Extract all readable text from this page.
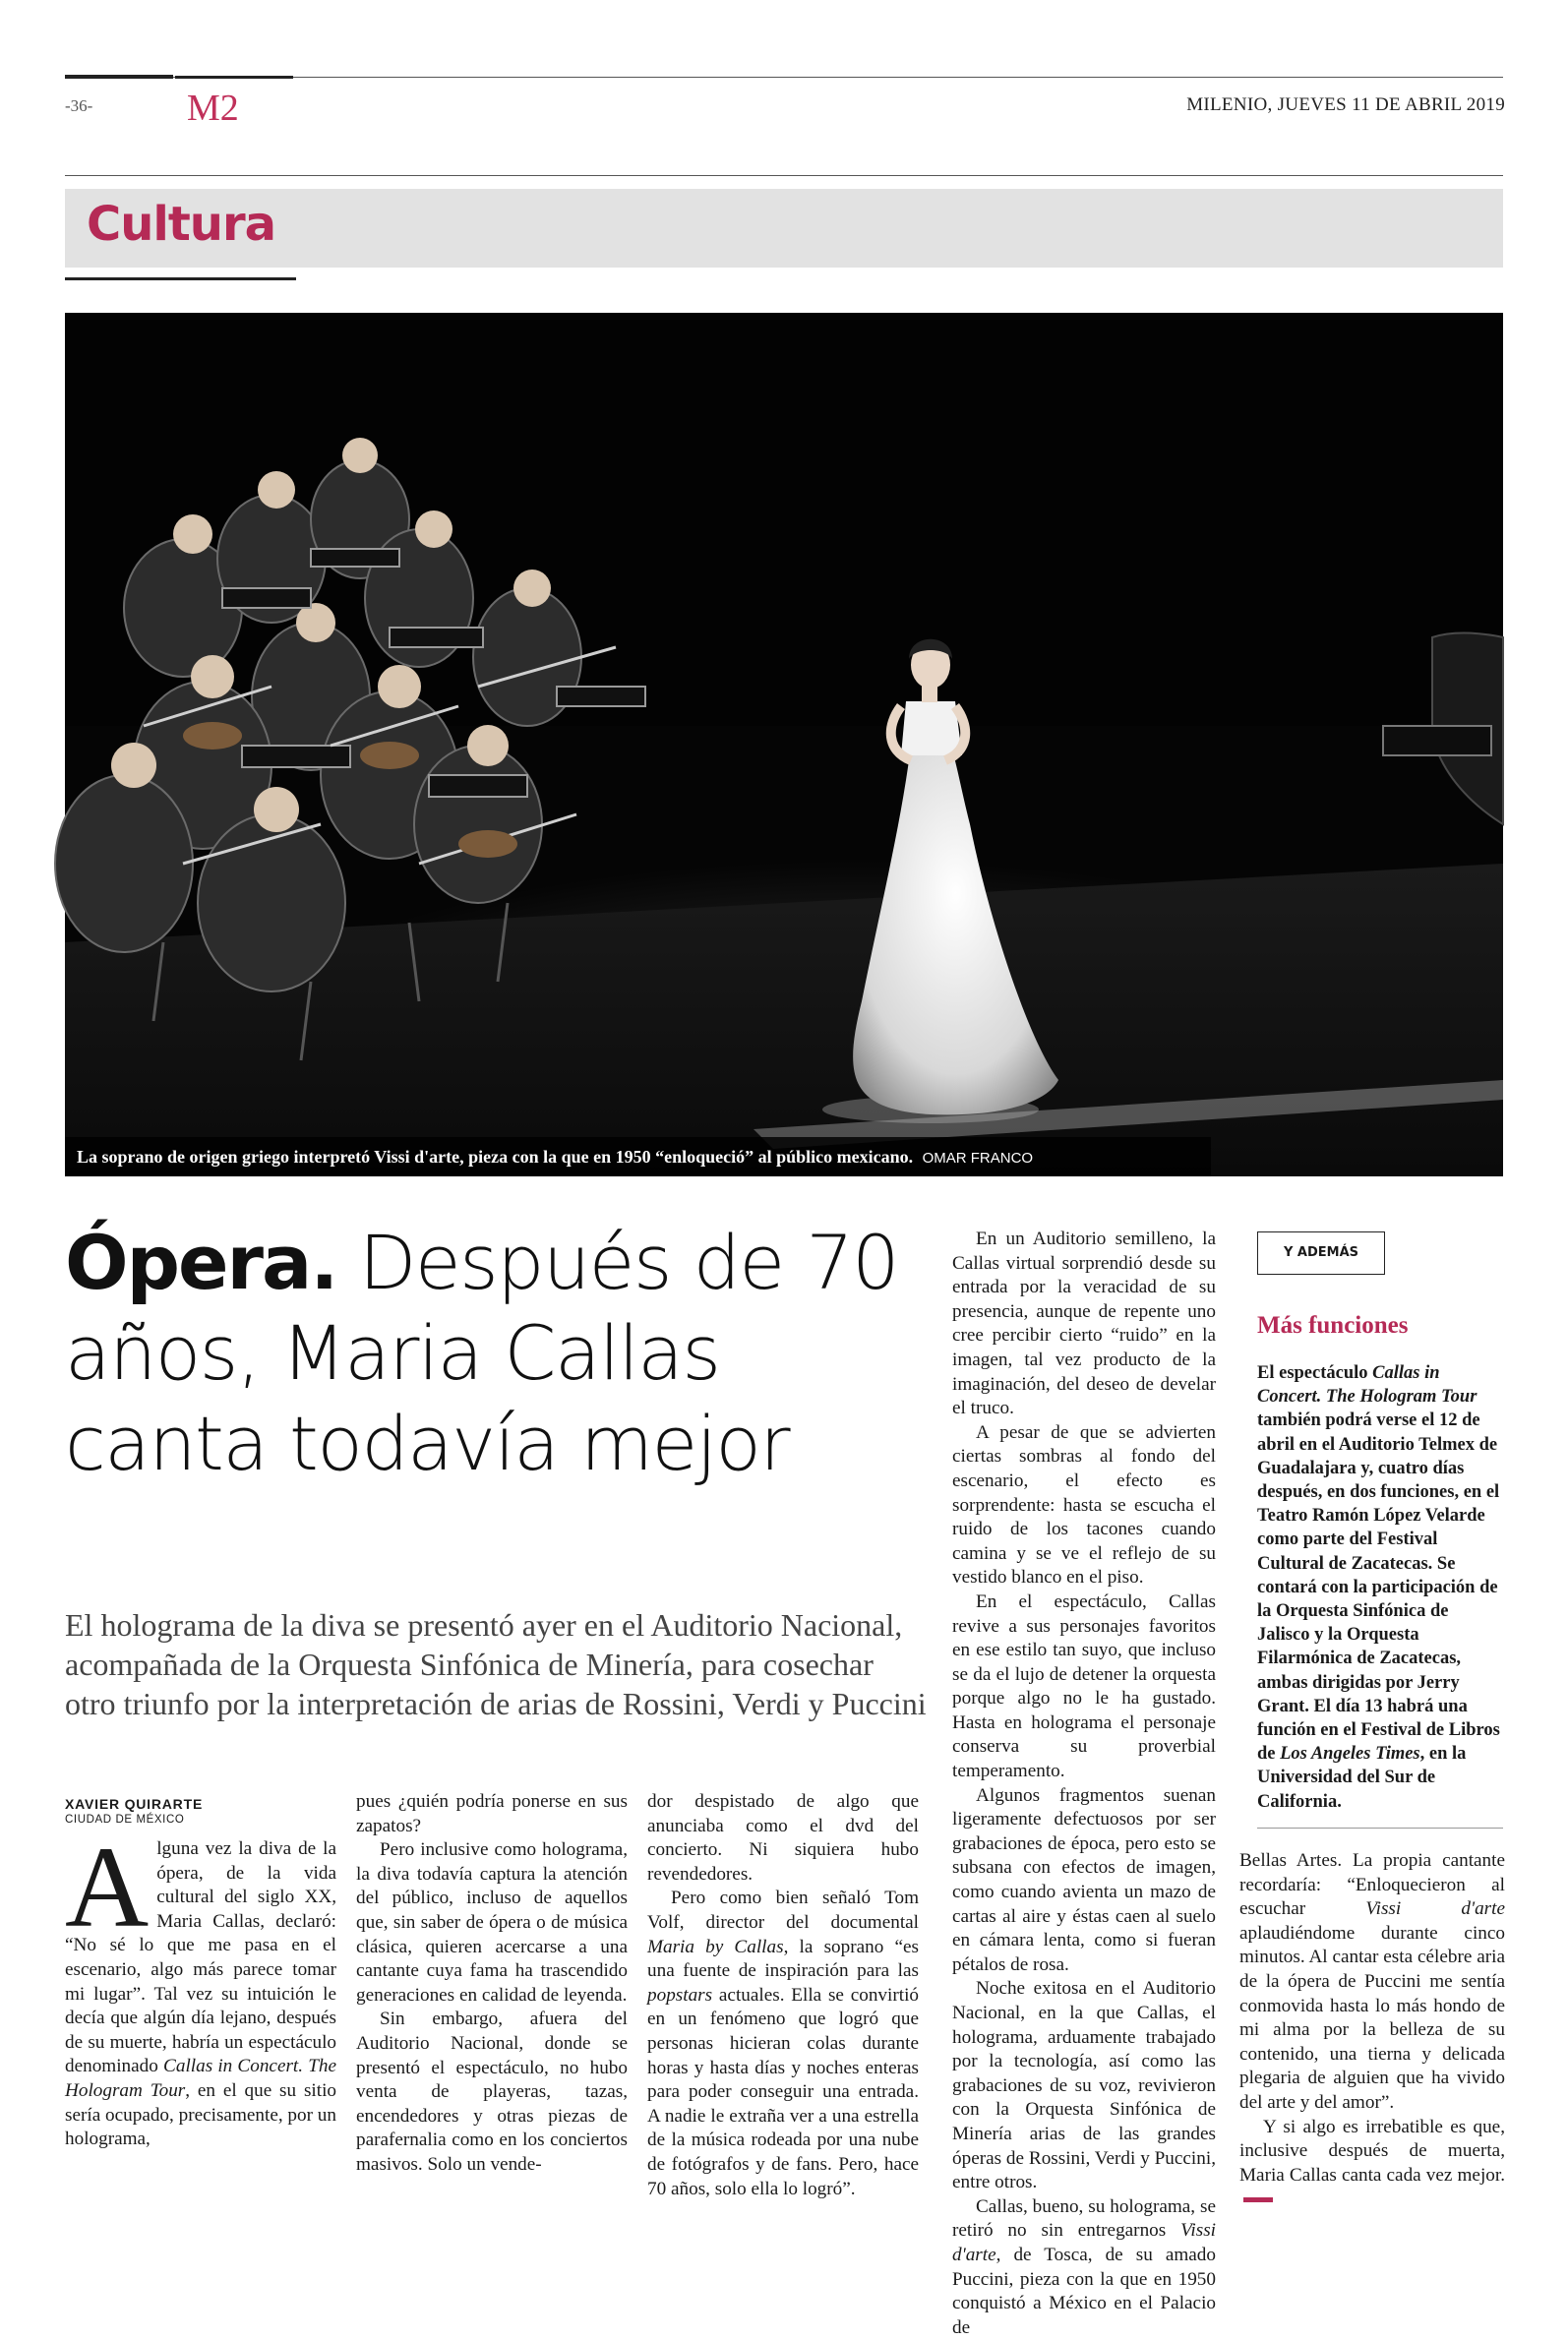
-36-	M2	MILENIO, JUEVES 11 DE ABRIL 2019
Cultura
La soprano de origen griego interpretó Vissi d'arte, pieza con la que en 1950 “enloqueció” al público mexicano. OMAR FRANCO
Ópera. Después de 70 años, Maria Callas canta todavía mejor
El holograma de la diva se presentó ayer en el Auditorio Nacional, acompañada de la Orquesta Sinfónica de Minería, para cosechar otro triunfo por la interpretación de arias de Rossini, Verdi y Puccini
XAVIER QUIRARTE
CIUDAD DE MÉXICO

Alguna vez la diva de la ópera, de la vida cultural del siglo XX, Maria Callas, declaró: “No sé lo que me pasa en el escenario, algo más parece tomar mi lugar”. Tal vez su intuición le decía que algún día lejano, después de su muerte, habría un espectáculo denominado Callas in Concert. The Hologram Tour, en el que su sitio sería ocupado, precisamente, por un holograma,

pues ¿quién podría ponerse en sus zapatos?

Pero inclusive como holograma, la diva todavía captura la atención del público, incluso de aquellos que, sin saber de ópera o de música clásica, quieren acercarse a una cantante cuya fama ha trascendido generaciones en calidad de leyenda.

Sin embargo, afuera del Auditorio Nacional, donde se presentó el espectáculo, no hubo venta de playeras, tazas, encendedores y otras piezas de parafernalia como en los conciertos masivos. Solo un vende-

dor despistado de algo que anunciaba como el dvd del concierto. Ni siquiera hubo revendedores.

Pero como bien señaló Tom Volf, director del documental Maria by Callas, la soprano “es una fuente de inspiración para las popstars actuales. Ella se convirtió en un fenómeno que logró que personas hicieran colas durante horas y hasta días y noches enteras para poder conseguir una entrada. A nadie le extraña ver a una estrella de la música rodeada por una nube de fotógrafos y de fans. Pero, hace 70 años, solo ella lo logró”.

En un Auditorio semilleno, la Callas virtual sorprendió desde su entrada por la veracidad de su presencia, aunque de repente uno cree percibir cierto “ruido” en la imagen, tal vez producto de la imaginación, del deseo de develar el truco.

A pesar de que se advierten ciertas sombras al fondo del escenario, el efecto es sorprendente: hasta se escucha el ruido de los tacones cuando camina y se ve el reflejo de su vestido blanco en el piso.

En el espectáculo, Callas revive a sus personajes favoritos en ese estilo tan suyo, que incluso se da el lujo de detener la orquesta porque algo no le ha gustado. Hasta en holograma el personaje conserva su proverbial temperamento.

Algunos fragmentos suenan ligeramente defectuosos por ser grabaciones de época, pero esto se subsana con efectos de imagen, como cuando avienta un mazo de cartas al aire y éstas caen al suelo en cámara lenta, como si fueran pétalos de rosa.

Noche exitosa en el Auditorio Nacional, en la que Callas, el holograma, arduamente trabajado por la tecnología, así como las grabaciones de su voz, revivieron con la Orquesta Sinfónica de Minería arias de las grandes óperas de Rossini, Verdi y Puccini, entre otros.

Callas, bueno, su holograma, se retiró no sin entregarnos Vissi d'arte, de Tosca, de su amado Puccini, pieza con la que en 1950 conquistó a México en el Palacio de

Y ADEMÁS
Más funciones
El espectáculo Callas in Concert. The Hologram Tour también podrá verse el 12 de abril en el Auditorio Telmex de Guadalajara y, cuatro días después, en dos funciones, en el Teatro Ramón López Velarde como parte del Festival Cultural de Zacatecas. Se contará con la participación de la Orquesta Sinfónica de Jalisco y la Orquesta Filarmónica de Zacatecas, ambas dirigidas por Jerry Grant. El día 13 habrá una función en el Festival de Libros de Los Angeles Times, en la Universidad del Sur de California.

Bellas Artes. La propia cantante recordaría: “Enloquecieron al escuchar	Vissi d'arte aplaudiéndome durante cinco minutos. Al cantar esta célebre aria de la ópera de Puccini me sentía conmovida hasta lo más hondo de mi alma por la belleza de su contenido, una tierna y delicada plegaria de alguien que ha vivido del arte y del amor”.

Y si algo es irrebatible es que, inclusive después de muerta, Maria Callas canta cada vez mejor.
